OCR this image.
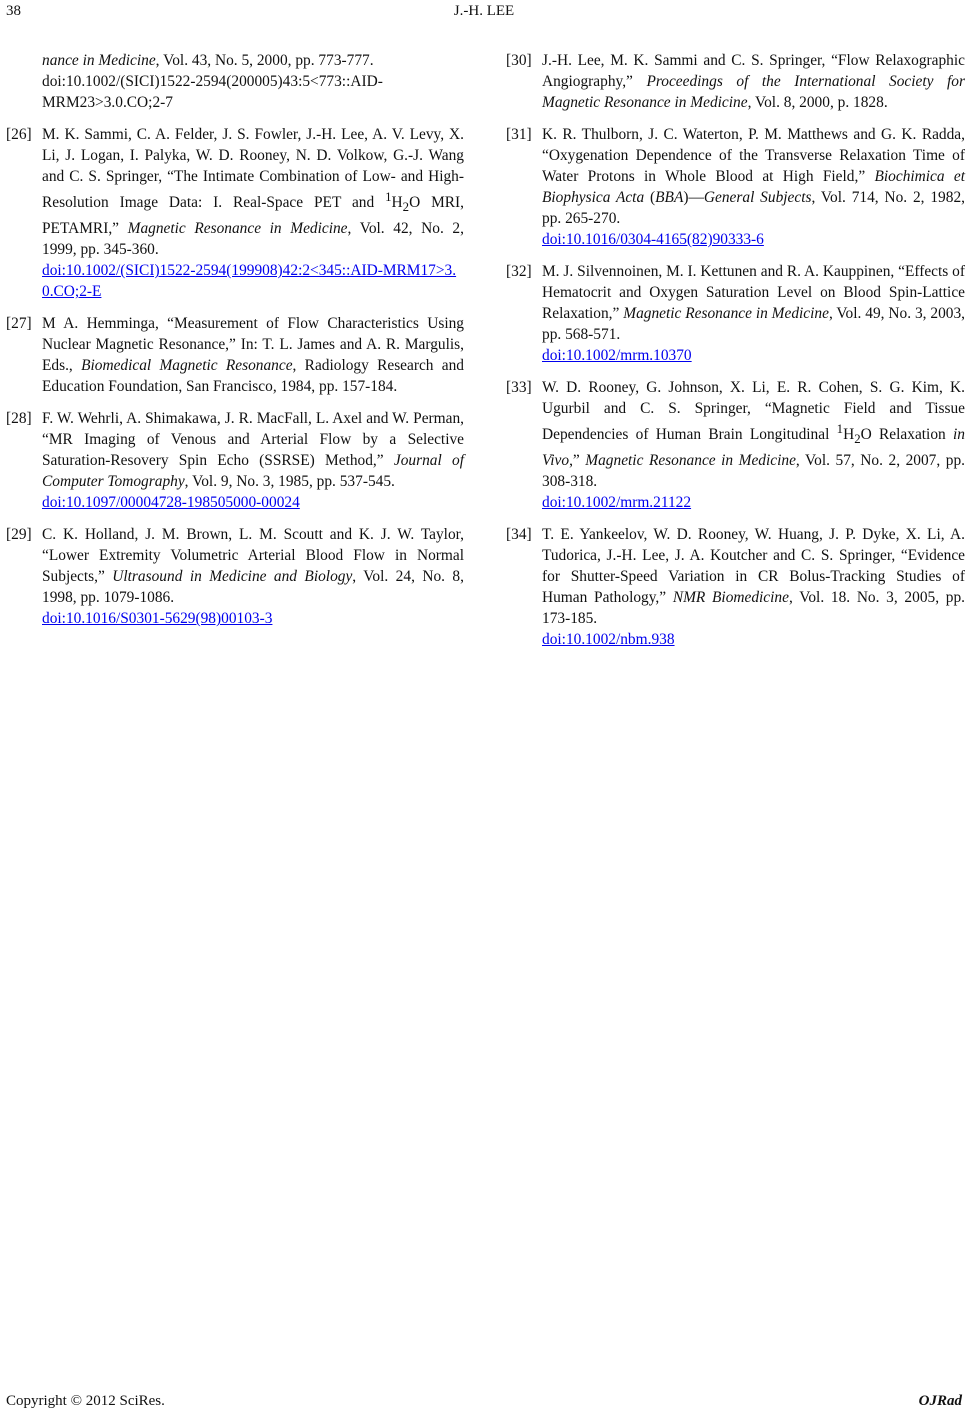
38	J.-H. LEE
nance in Medicine, Vol. 43, No. 5, 2000, pp. 773-777. doi:10.1002/(SICI)1522-2594(200005)43:5<773::AID-MRM23>3.0.CO;2-7
[26] M. K. Sammi, C. A. Felder, J. S. Fowler, J.-H. Lee, A. V. Levy, X. Li, J. Logan, I. Palyka, W. D. Rooney, N. D. Volkow, G.-J. Wang and C. S. Springer, “The Intimate Combination of Low- and High-Resolution Image Data: I. Real-Space PET and $^1H_2O$ MRI, PETAMRI,” Magnetic Resonance in Medicine, Vol. 42, No. 2, 1999, pp. 345-360.
doi:10.1002/(SICI)1522-2594(199908)42:2<345::AID-MRM17>3.0.CO;2-E
[27] M A. Hemminga, “Measurement of Flow Characteristics Using Nuclear Magnetic Resonance,” In: T. L. James and A. R. Margulis, Eds., Biomedical Magnetic Resonance, Radiology Research and Education Foundation, San Francisco, 1984, pp. 157-184.
[28] F. W. Wehrli, A. Shimakawa, J. R. MacFall, L. Axel and W. Perman, “MR Imaging of Venous and Arterial Flow by a Selective Saturation-Resovery Spin Echo (SSRSE) Method,” Journal of Computer Tomography, Vol. 9, No. 3, 1985, pp. 537-545.
doi:10.1097/00004728-198505000-00024
[29] C. K. Holland, J. M. Brown, L. M. Scoutt and K. J. W. Taylor, “Lower Extremity Volumetric Arterial Blood Flow in Normal Subjects,” Ultrasound in Medicine and Biology, Vol. 24, No. 8, 1998, pp. 1079-1086.
doi:10.1016/S0301-5629(98)00103-3
[30] J.-H. Lee, M. K. Sammi and C. S. Springer, “Flow Relaxographic Angiography,” Proceedings of the International Society for Magnetic Resonance in Medicine, Vol. 8, 2000, p. 1828.
[31] K. R. Thulborn, J. C. Waterton, P. M. Matthews and G. K. Radda, “Oxygenation Dependence of the Transverse Relaxation Time of Water Protons in Whole Blood at High Field,” Biochimica et Biophysica Acta (BBA)—General Subjects, Vol. 714, No. 2, 1982, pp. 265-270.
doi:10.1016/0304-4165(82)90333-6
[32] M. J. Silvennoinen, M. I. Kettunen and R. A. Kauppinen, “Effects of Hematocrit and Oxygen Saturation Level on Blood Spin-Lattice Relaxation,” Magnetic Resonance in Medicine, Vol. 49, No. 3, 2003, pp. 568-571.
doi:10.1002/mrm.10370
[33] W. D. Rooney, G. Johnson, X. Li, E. R. Cohen, S. G. Kim, K. Ugurbil and C. S. Springer, “Magnetic Field and Tissue Dependencies of Human Brain Longitudinal $^1H_2O$ Relaxation in Vivo,” Magnetic Resonance in Medicine, Vol. 57, No. 2, 2007, pp. 308-318.
doi:10.1002/mrm.21122
[34] T. E. Yankeelov, W. D. Rooney, W. Huang, J. P. Dyke, X. Li, A. Tudorica, J.-H. Lee, J. A. Koutcher and C. S. Springer, “Evidence for Shutter-Speed Variation in CR Bolus-Tracking Studies of Human Pathology,” NMR Biomedicine, Vol. 18. No. 3, 2005, pp. 173-185.
doi:10.1002/nbm.938
Copyright © 2012 SciRes.	OJRad
